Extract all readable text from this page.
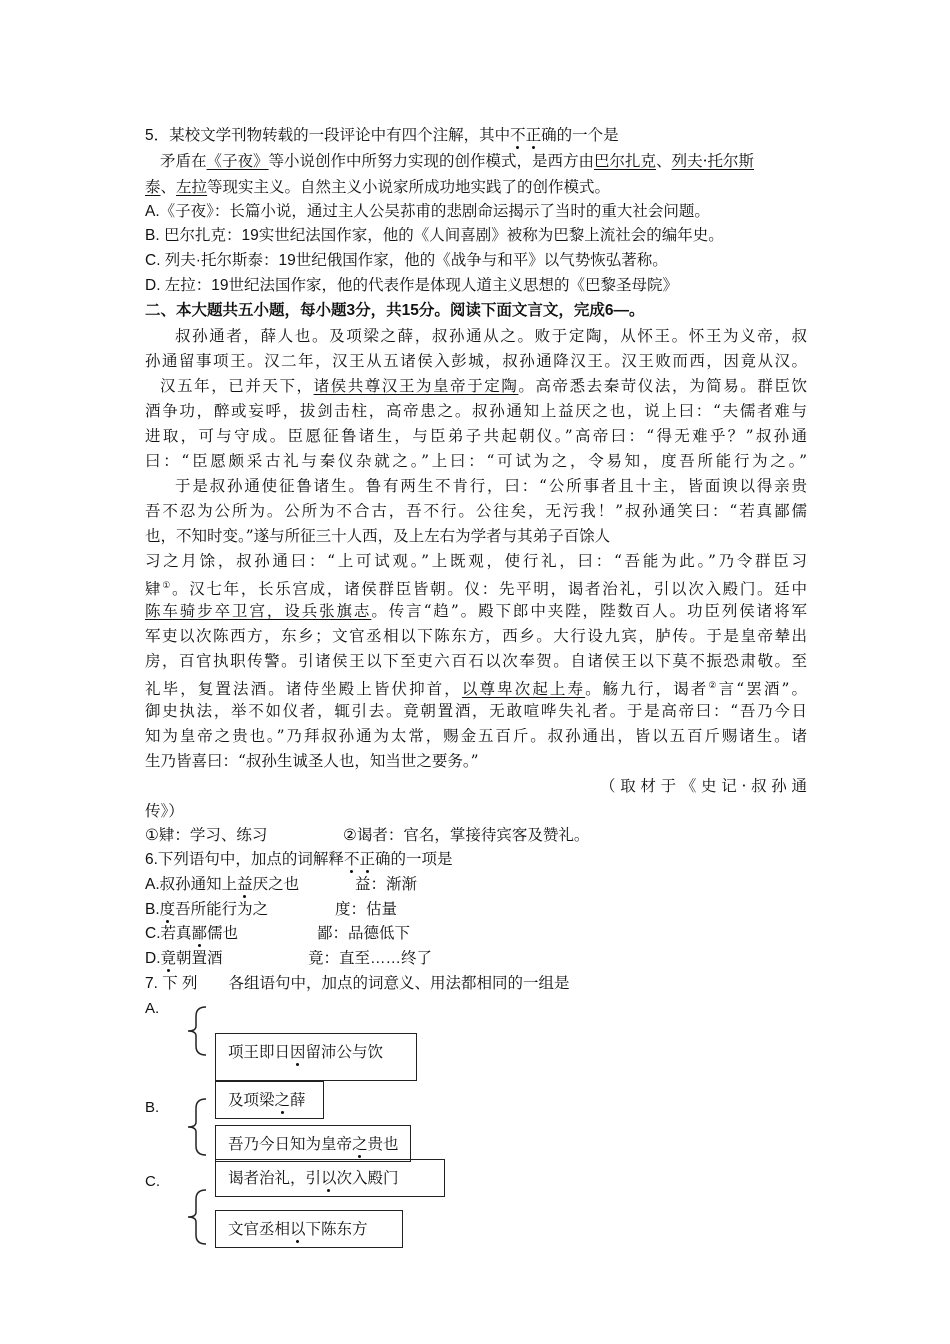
5．某校文学刊物转载的一段评论中有四个注解，其中不正确的一个是
矛盾在《子夜》等小说创作中所努力实现的创作模式，是西方由巴尔扎克、列夫·托尔斯
泰、左拉等现实主义。自然主义小说家所成功地实践了的创作模式。
A.《子夜》：长篇小说，通过主人公吴荪甫的悲剧命运揭示了当时的重大社会问题。
B. 巴尔扎克：19实世纪法国作家，他的《人间喜剧》被称为巴黎上流社会的编年史。
C. 列夫·托尔斯泰：19世纪俄国作家，他的《战争与和平》以气势恢弘著称。
D. 左拉：19世纪法国作家，他的代表作是体现人道主义思想的《巴黎圣母院》
二、本大题共五小题，每小题3分，共15分。阅读下面文言文，完成6—。
叔孙通者，薛人也。及项梁之薛，叔孙通从之。败于定陶，从怀王。怀王为义帝，叔
孙通留事项王。汉二年，汉王从五诸侯入彭城，叔孙通降汉王。汉王败而西，因竟从汉。
汉五年，已并天下，诸侯共尊汉王为皇帝于定陶。高帝悉去秦苛仪法，为简易。群臣饮
酒争功，醉或妄呼，拔剑击柱，高帝患之。叔孙通知上益厌之也，说上曰：“夫儒者难与
进取，可与守成。臣愿征鲁诸生，与臣弟子共起朝仪。”高帝曰：“得无难乎？”叔孙通
曰：“臣愿颇采古礼与秦仪杂就之。”上曰：“可试为之，令易知，度吾所能行为之。”
于是叔孙通使征鲁诸生。鲁有两生不肯行，曰：“公所事者且十主，皆面谀以得亲贵
吾不忍为公所为。公所为不合古，吾不行。公往矣，无污我！”叔孙通笑曰：“若真鄙儒
也，不知时变。”遂与所征三十人西，及上左右为学者与其弟子百馀人
习之月馀，叔孙通曰：“上可试观。”上既观，使行礼，曰：“吾能为此。”乃令群臣习
肄①。汉七年，长乐宫成，诸侯群臣皆朝。仪：先平明，谒者治礼，引以次入殿门。廷中
陈车骑步卒卫宫，设兵张旗志。传言“趋”。殿下郎中夹陛，陛数百人。功臣列侯诸将军
军吏以次陈西方，东乡；文官丞相以下陈东方，西乡。大行设九宾，胪传。于是皇帝辇出
房，百官执职传警。引诸侯王以下至吏六百石以次奉贺。自诸侯王以下莫不振恐肃敬。至
礼毕，复置法酒。诸侍坐殿上皆伏抑首，以尊卑次起上寿。觞九行，谒者②言“罢酒”。
御史执法，举不如仪者，辄引去。竟朝置酒，无敢喧哗失礼者。于是高帝曰：“吾乃今日
知为皇帝之贵也。”乃拜叔孙通为太常，赐金五百斤。叔孙通出，皆以五百斤赐诸生。诸
生乃皆喜曰：“叔孙生诚圣人也，知当世之要务。”
（取材于《史记·叔孙通
传》）
①肄：学习、练习	②谒者：官名，掌接待宾客及赞礼。
6.下列语句中，加点的词解释不正确的一项是
A.叔孙通知上益厌之也	益：渐渐
B.度吾所能行为之	度：估量
C.若真鄙儒也	鄙：品德低下
D.竟朝置酒	竟：直至……终了
7. 下 列　　各组语句中，加点的词意义、用法都相同的一组是
A.
项王即日因留沛公与饮
B.	及项梁之薛
吾乃今日知为皇帝之贵也
C.	谒者治礼，引以次入殿门
文官丞相以下陈东方
